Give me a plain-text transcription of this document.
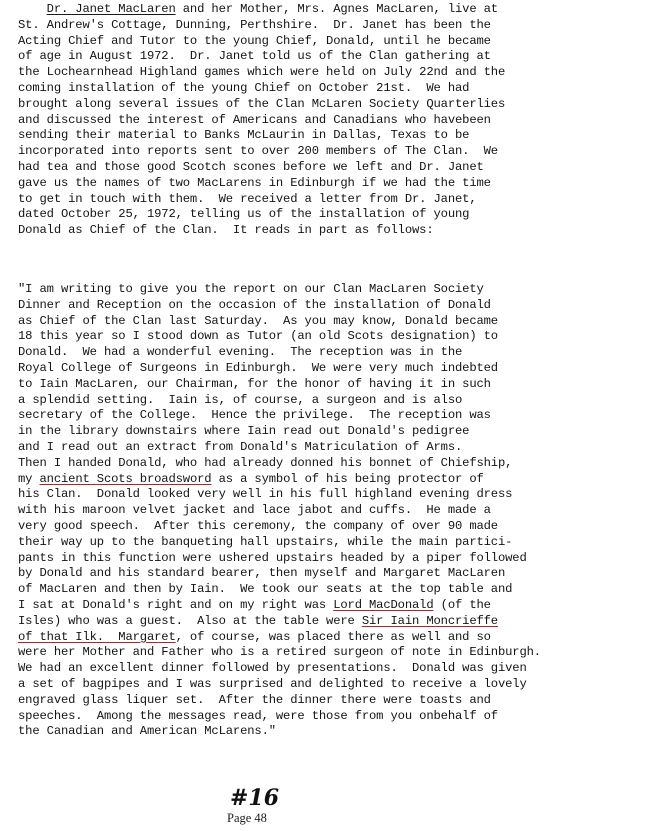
Dr. Janet MacLaren and her Mother, Mrs. Agnes MacLaren, live at
St. Andrew's Cottage, Dunning, Perthshire.  Dr. Janet has been the
Acting Chief and Tutor to the young Chief, Donald, until he became
of age in August 1972.  Dr. Janet told us of the Clan gathering at
the Lochearnhead Highland games which were held on July 22nd and the
coming installation of the young Chief on October 21st.  We had
brought along several issues of the Clan McLaren Society Quarterlies
and discussed the interest of Americans and Canadians who havebeen
sending their material to Banks McLaurin in Dallas, Texas to be
incorporated into reports sent to over 200 members of The Clan.  We
had tea and those good Scotch scones before we left and Dr. Janet
gave us the names of two MacLarens in Edinburgh if we had the time
to get in touch with them.  We received a letter from Dr. Janet,
dated October 25, 1972, telling us of the installation of young
Donald as Chief of the Clan.  It reads in part as follows:
"I am writing to give you the report on our Clan MacLaren Society
Dinner and Reception on the occasion of the installation of Donald
as Chief of the Clan last Saturday.  As you may know, Donald became
18 this year so I stood down as Tutor (an old Scots designation) to
Donald.  We had a wonderful evening.  The reception was in the
Royal College of Surgeons in Edinburgh.  We were very much indebted
to Iain MacLaren, our Chairman, for the honor of having it in such
a splendid setting.  Iain is, of course, a surgeon and is also
secretary of the College.  Hence the privilege.  The reception was
in the library downstairs where Iain read out Donald's pedigree
and I read out an extract from Donald's Matriculation of Arms.
Then I handed Donald, who had already donned his bonnet of Chiefship,
my ancient Scots broadsword as a symbol of his being protector of
his Clan.  Donald looked very well in his full highland evening dress
with his maroon velvet jacket and lace jabot and cuffs.  He made a
very good speech.  After this ceremony, the company of over 90 made
their way up to the banqueting hall upstairs, while the main partici-
pants in this function were ushered upstairs headed by a piper followed
by Donald and his standard bearer, then myself and Margaret MacLaren
of MacLaren and then by Iain.  We took our seats at the top table and
I sat at Donald's right and on my right was Lord MacDonald (of the
Isles) who was a guest.  Also at the table were Sir Iain Moncrieffe
of that Ilk.  Margaret, of course, was placed there as well and so
were her Mother and Father who is a retired surgeon of note in Edinburgh.
We had an excellent dinner followed by presentations.  Donald was given
a set of bagpipes and I was surprised and delighted to receive a lovely
engraved glass liquer set.  After the dinner there were toasts and
speeches.  Among the messages read, were those from you onbehalf of
the Canadian and American McLarens."
#16
Page 48
